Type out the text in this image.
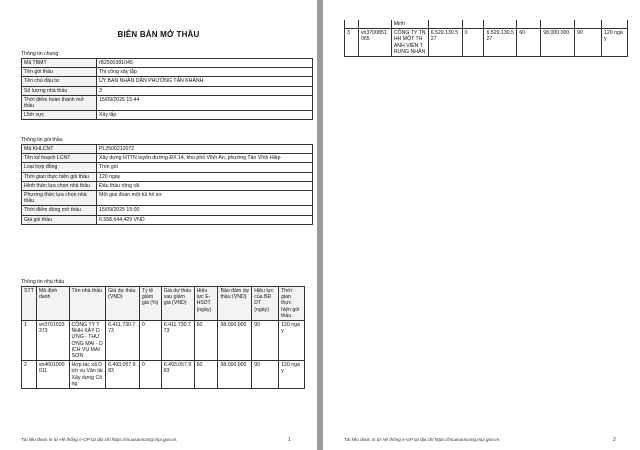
BIÊN BẢN MỞ THẦU
Thông tin chung
Mã TBMT	IB2500381045
Tên gói thầu	Thi công xây lắp
Tên chủ đầu tư	ỦY BAN NHÂN DÂN PHƯỜNG TÂN KHÁNH
Số lượng nhà thầu	3
Thời điểm hoàn thành mở thầu	15/09/2025 15:44
Lĩnh vực	Xây lắp
Thông tin gói thầu
Mã KHLCNT	PL2500212072
Tên kế hoạch LCNT	Xây dựng HTTN tuyến đường ĐX 14, khu phố Vĩnh An, phường Tân Vĩnh Hiệp
Loại hợp đồng	Trọn gói
Thời gian thực hiện gói thầu	120 ngày
Hình thức lựa chọn nhà thầu	Đấu thầu rộng rãi
Phương thức lựa chọn nhà thầu	Một giai đoạn một túi hồ sơ
Thời điểm đóng mở thầu	15/09/2025 15:00
Giá gói thầu	6.558.644.429 VND
Thông tin nhà thầu
STT	Mã định danh	Tên nhà thầu	Giá dự thầu (VND)	Tỷ lệ giảm giá (%)	Giá dự thầu sau giảm giá (VND)	Hiệu lực E-HSDT (ngày)	Bảo đảm dự thầu (VND)	Hiệu lực của BĐ DT (ngày)	Thời gian thực hiện gói thầu
1	vn3701633373	CÔNG TY TNHH XÂY DỰNG - THƯƠNG MẠI - DỊCH VỤ MAI SƠN	6.411.730.773	0	6.411.730.773	60	98.000.000	90	120 ngày
2	vn4601000011	Hợp tác xã Dịch vụ Vận tải Xây dựng Công	6.493.057.983	0	6.493.057.983	60	98.000.000	90	120 ngày
Tài liệu được in từ Hệ thống e-GP tại địa chỉ https://muasamcong.mpi.gov.vn.	1
		Minh							
3	vn3700851065	CÔNG TY TNHH MỘT THÀNH VIÊN TRUNG NHÂN	6.529.130.527	0	6.529.130.527	60	98.000.000	90	120 ngày
Tài liệu được in từ Hệ thống e-GP tại địa chỉ https://muasamcong.mpi.gov.vn.	2
